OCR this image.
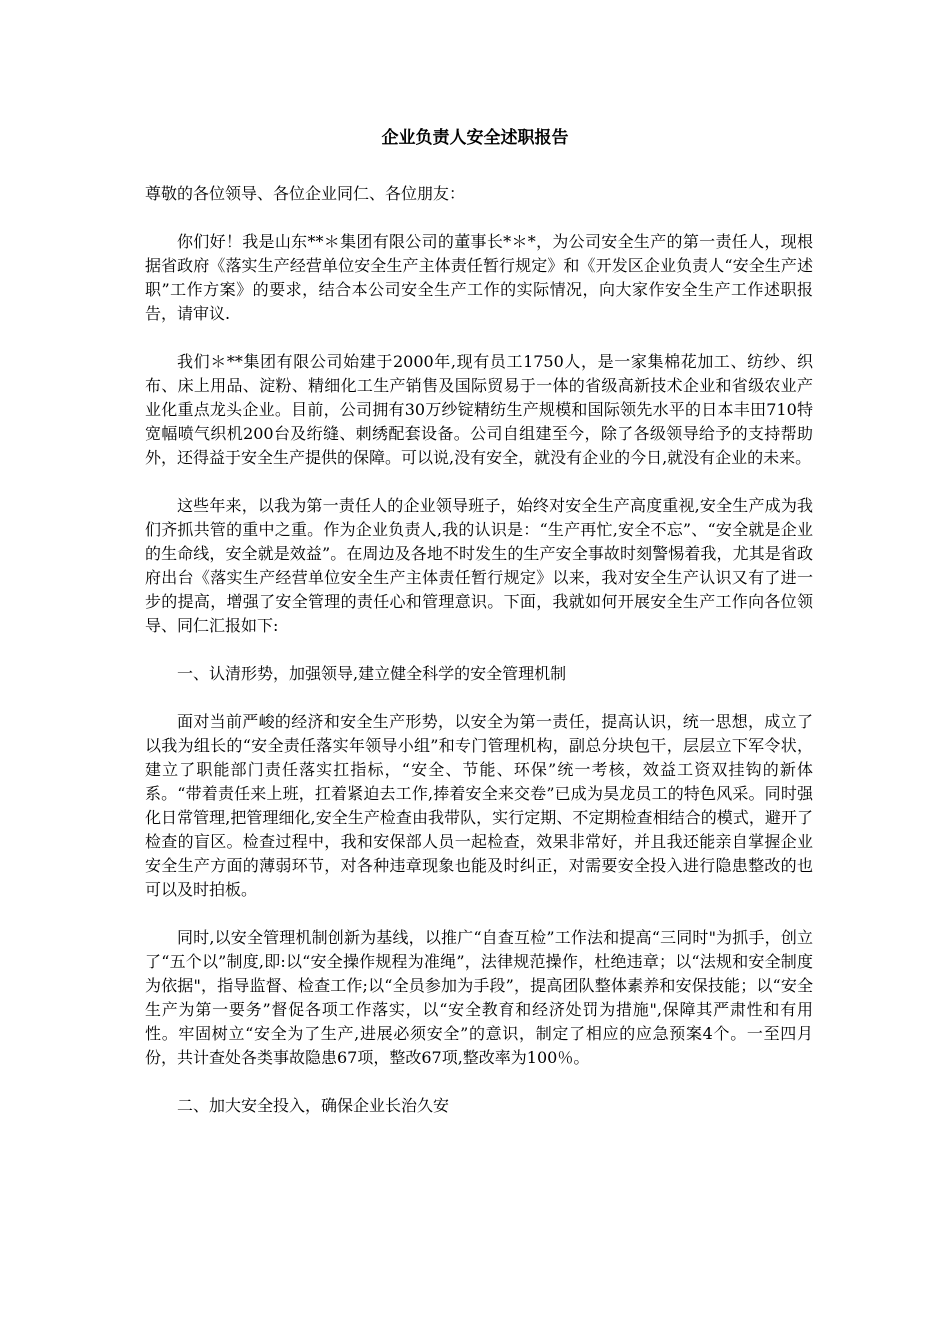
企业负责人安全述职报告

尊敬的各位领导、各位企业同仁、各位朋友：

你们好！我是山东**＊集团有限公司的董事长*＊*，为公司安全生产的第一责任人，现根据省政府《落实生产经营单位安全生产主体责任暂行规定》和《开发区企业负责人“安全生产述职”工作方案》的要求，结合本公司安全生产工作的实际情况，向大家作安全生产工作述职报告，请审议.

我们＊**集团有限公司始建于2000年,现有员工1750人，是一家集棉花加工、纺纱、织布、床上用品、淀粉、精细化工生产销售及国际贸易于一体的省级高新技术企业和省级农业产业化重点龙头企业。目前，公司拥有30万纱锭精纺生产规模和国际领先水平的日本丰田710特宽幅喷气织机200台及绗缝、刺绣配套设备。公司自组建至今，除了各级领导给予的支持帮助外，还得益于安全生产提供的保障。可以说,没有安全，就没有企业的今日,就没有企业的未来。

这些年来，以我为第一责任人的企业领导班子，始终对安全生产高度重视,安全生产成为我们齐抓共管的重中之重。作为企业负责人,我的认识是：“生产再忙,安全不忘”、“安全就是企业的生命线，安全就是效益”。在周边及各地不时发生的生产安全事故时刻警惕着我，尤其是省政府出台《落实生产经营单位安全生产主体责任暂行规定》以来，我对安全生产认识又有了进一步的提高，增强了安全管理的责任心和管理意识。下面，我就如何开展安全生产工作向各位领导、同仁汇报如下:

一、认清形势，加强领导,建立健全科学的安全管理机制

面对当前严峻的经济和安全生产形势，以安全为第一责任，提高认识，统一思想，成立了以我为组长的“安全责任落实年领导小组”和专门管理机构，副总分块包干，层层立下军令状，建立了职能部门责任落实扛指标，“安全、节能、环保”统一考核，效益工资双挂钩的新体系。“带着责任来上班，扛着紧迫去工作,捧着安全来交卷”已成为昊龙员工的特色风采。同时强化日常管理,把管理细化,安全生产检查由我带队，实行定期、不定期检查相结合的模式，避开了检查的盲区。检查过程中，我和安保部人员一起检查，效果非常好，并且我还能亲自掌握企业安全生产方面的薄弱环节，对各种违章现象也能及时纠正，对需要安全投入进行隐患整改的也可以及时拍板。

同时,以安全管理机制创新为基线，以推广“自查互检”工作法和提高“三同时"为抓手，创立了“五个以”制度,即:以“安全操作规程为准绳”，法律规范操作，杜绝违章；以“法规和安全制度为依据"，指导监督、检查工作;以“全员参加为手段”，提高团队整体素养和安保技能；以“安全生产为第一要务”督促各项工作落实，以“安全教育和经济处罚为措施",保障其严肃性和有用性。牢固树立“安全为了生产,进展必须安全”的意识，制定了相应的应急预案4个。一至四月份，共计查处各类事故隐患67项，整改67项,整改率为100％。

二、加大安全投入，确保企业长治久安
